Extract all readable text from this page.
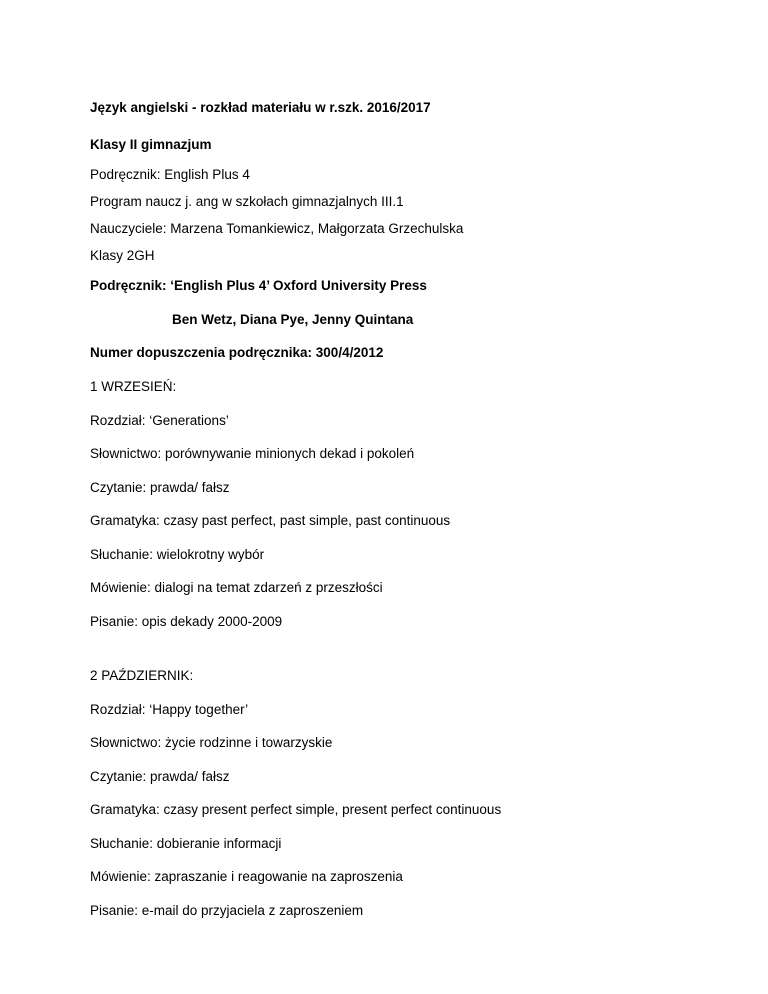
Język angielski - rozkład materiału w r.szk. 2016/2017
Klasy II gimnazjum
Podręcznik: English Plus 4
Program naucz j. ang w szkołach gimnazjalnych III.1
Nauczyciele: Marzena Tomankiewicz, Małgorzata Grzechulska
Klasy 2GH
Podręcznik: ‘English Plus 4’ Oxford University Press
Ben Wetz, Diana Pye, Jenny Quintana
Numer dopuszczenia podręcznika: 300/4/2012
1 WRZESIEŃ:
Rozdział: ‘Generations’
Słownictwo: porównywanie minionych dekad i pokoleń
Czytanie: prawda/ fałsz
Gramatyka: czasy past perfect, past simple, past continuous
Słuchanie: wielokrotny wybór
Mówienie: dialogi na temat zdarzeń z przeszłości
Pisanie: opis dekady 2000-2009
2 PAŹDZIERNIK:
Rozdział: ‘Happy together’
Słownictwo: życie rodzinne i towarzyskie
Czytanie: prawda/ fałsz
Gramatyka: czasy present perfect simple, present perfect continuous
Słuchanie: dobieranie informacji
Mówienie: zapraszanie i reagowanie na zaproszenia
Pisanie: e-mail do przyjaciela z zaproszeniem
